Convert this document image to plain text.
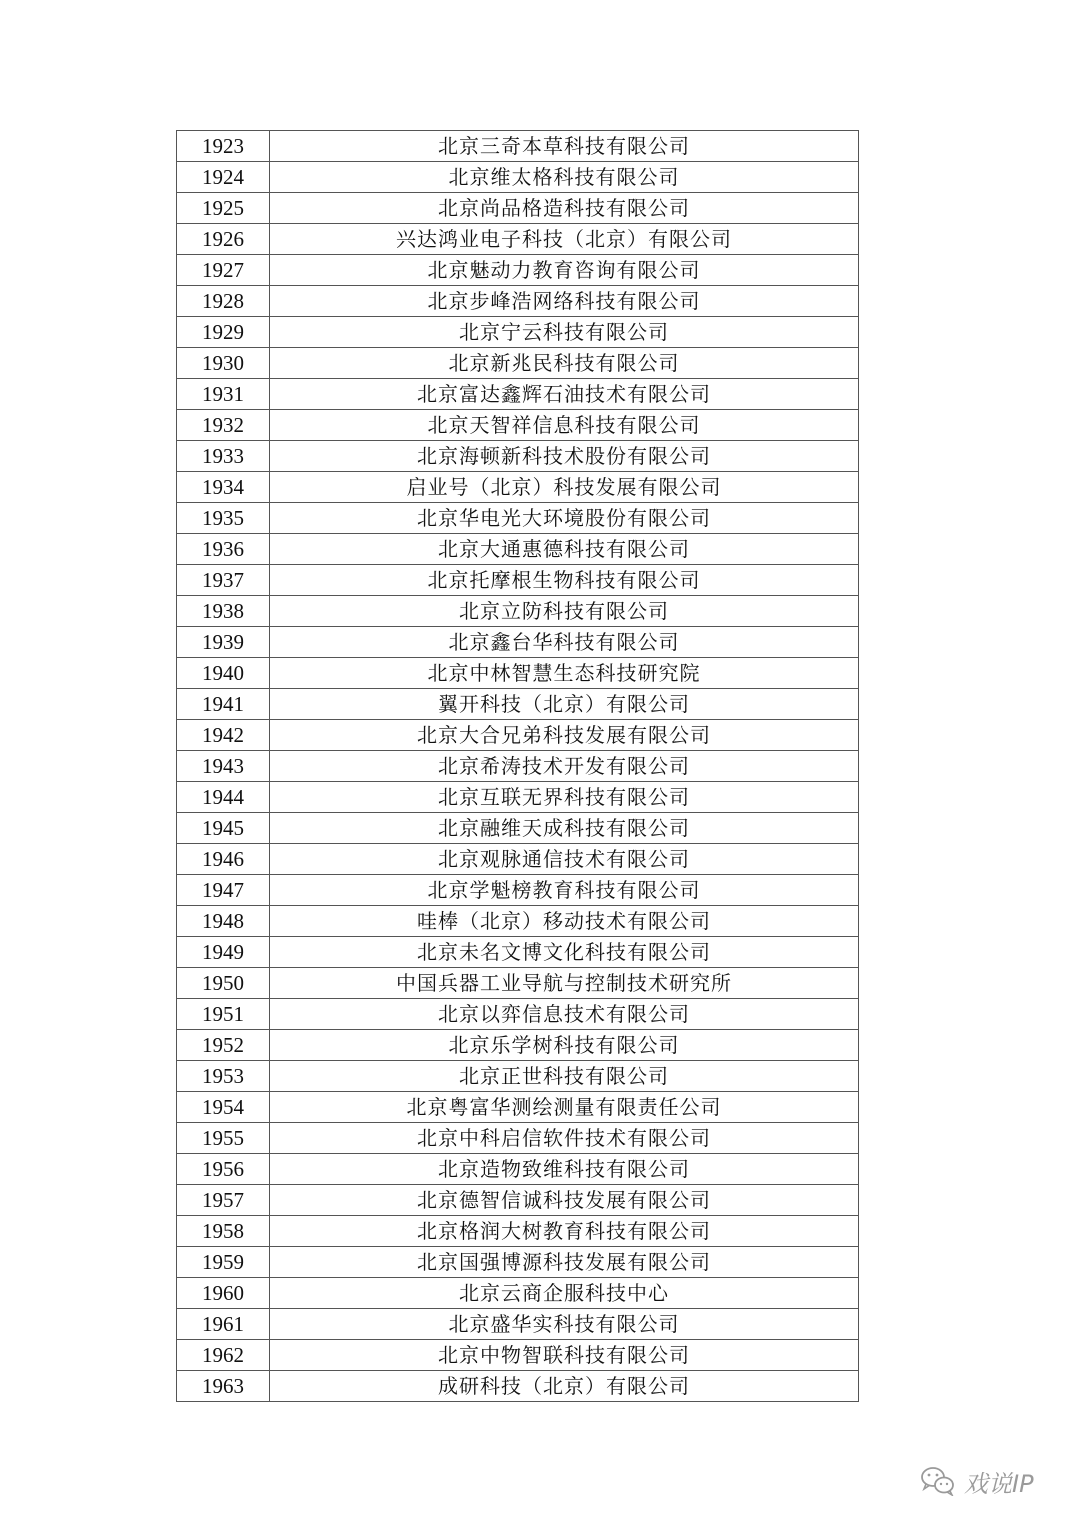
1923	北京三奇本草科技有限公司
1924	北京维太格科技有限公司
1925	北京尚品格造科技有限公司
1926	兴达鸿业电子科技（北京）有限公司
1927	北京魅动力教育咨询有限公司
1928	北京步峰浩网络科技有限公司
1929	北京宁云科技有限公司
1930	北京新兆民科技有限公司
1931	北京富达鑫辉石油技术有限公司
1932	北京天智祥信息科技有限公司
1933	北京海顿新科技术股份有限公司
1934	启业号（北京）科技发展有限公司
1935	北京华电光大环境股份有限公司
1936	北京大通惠德科技有限公司
1937	北京托摩根生物科技有限公司
1938	北京立防科技有限公司
1939	北京鑫台华科技有限公司
1940	北京中林智慧生态科技研究院
1941	翼开科技（北京）有限公司
1942	北京大合兄弟科技发展有限公司
1943	北京希涛技术开发有限公司
1944	北京互联无界科技有限公司
1945	北京融维天成科技有限公司
1946	北京观脉通信技术有限公司
1947	北京学魁榜教育科技有限公司
1948	哇棒（北京）移动技术有限公司
1949	北京未名文博文化科技有限公司
1950	中国兵器工业导航与控制技术研究所
1951	北京以弈信息技术有限公司
1952	北京乐学树科技有限公司
1953	北京正世科技有限公司
1954	北京粤富华测绘测量有限责任公司
1955	北京中科启信软件技术有限公司
1956	北京造物致维科技有限公司
1957	北京德智信诚科技发展有限公司
1958	北京格润大树教育科技有限公司
1959	北京国强博源科技发展有限公司
1960	北京云商企服科技中心
1961	北京盛华实科技有限公司
1962	北京中物智联科技有限公司
1963	成研科技（北京）有限公司
戏说IP
